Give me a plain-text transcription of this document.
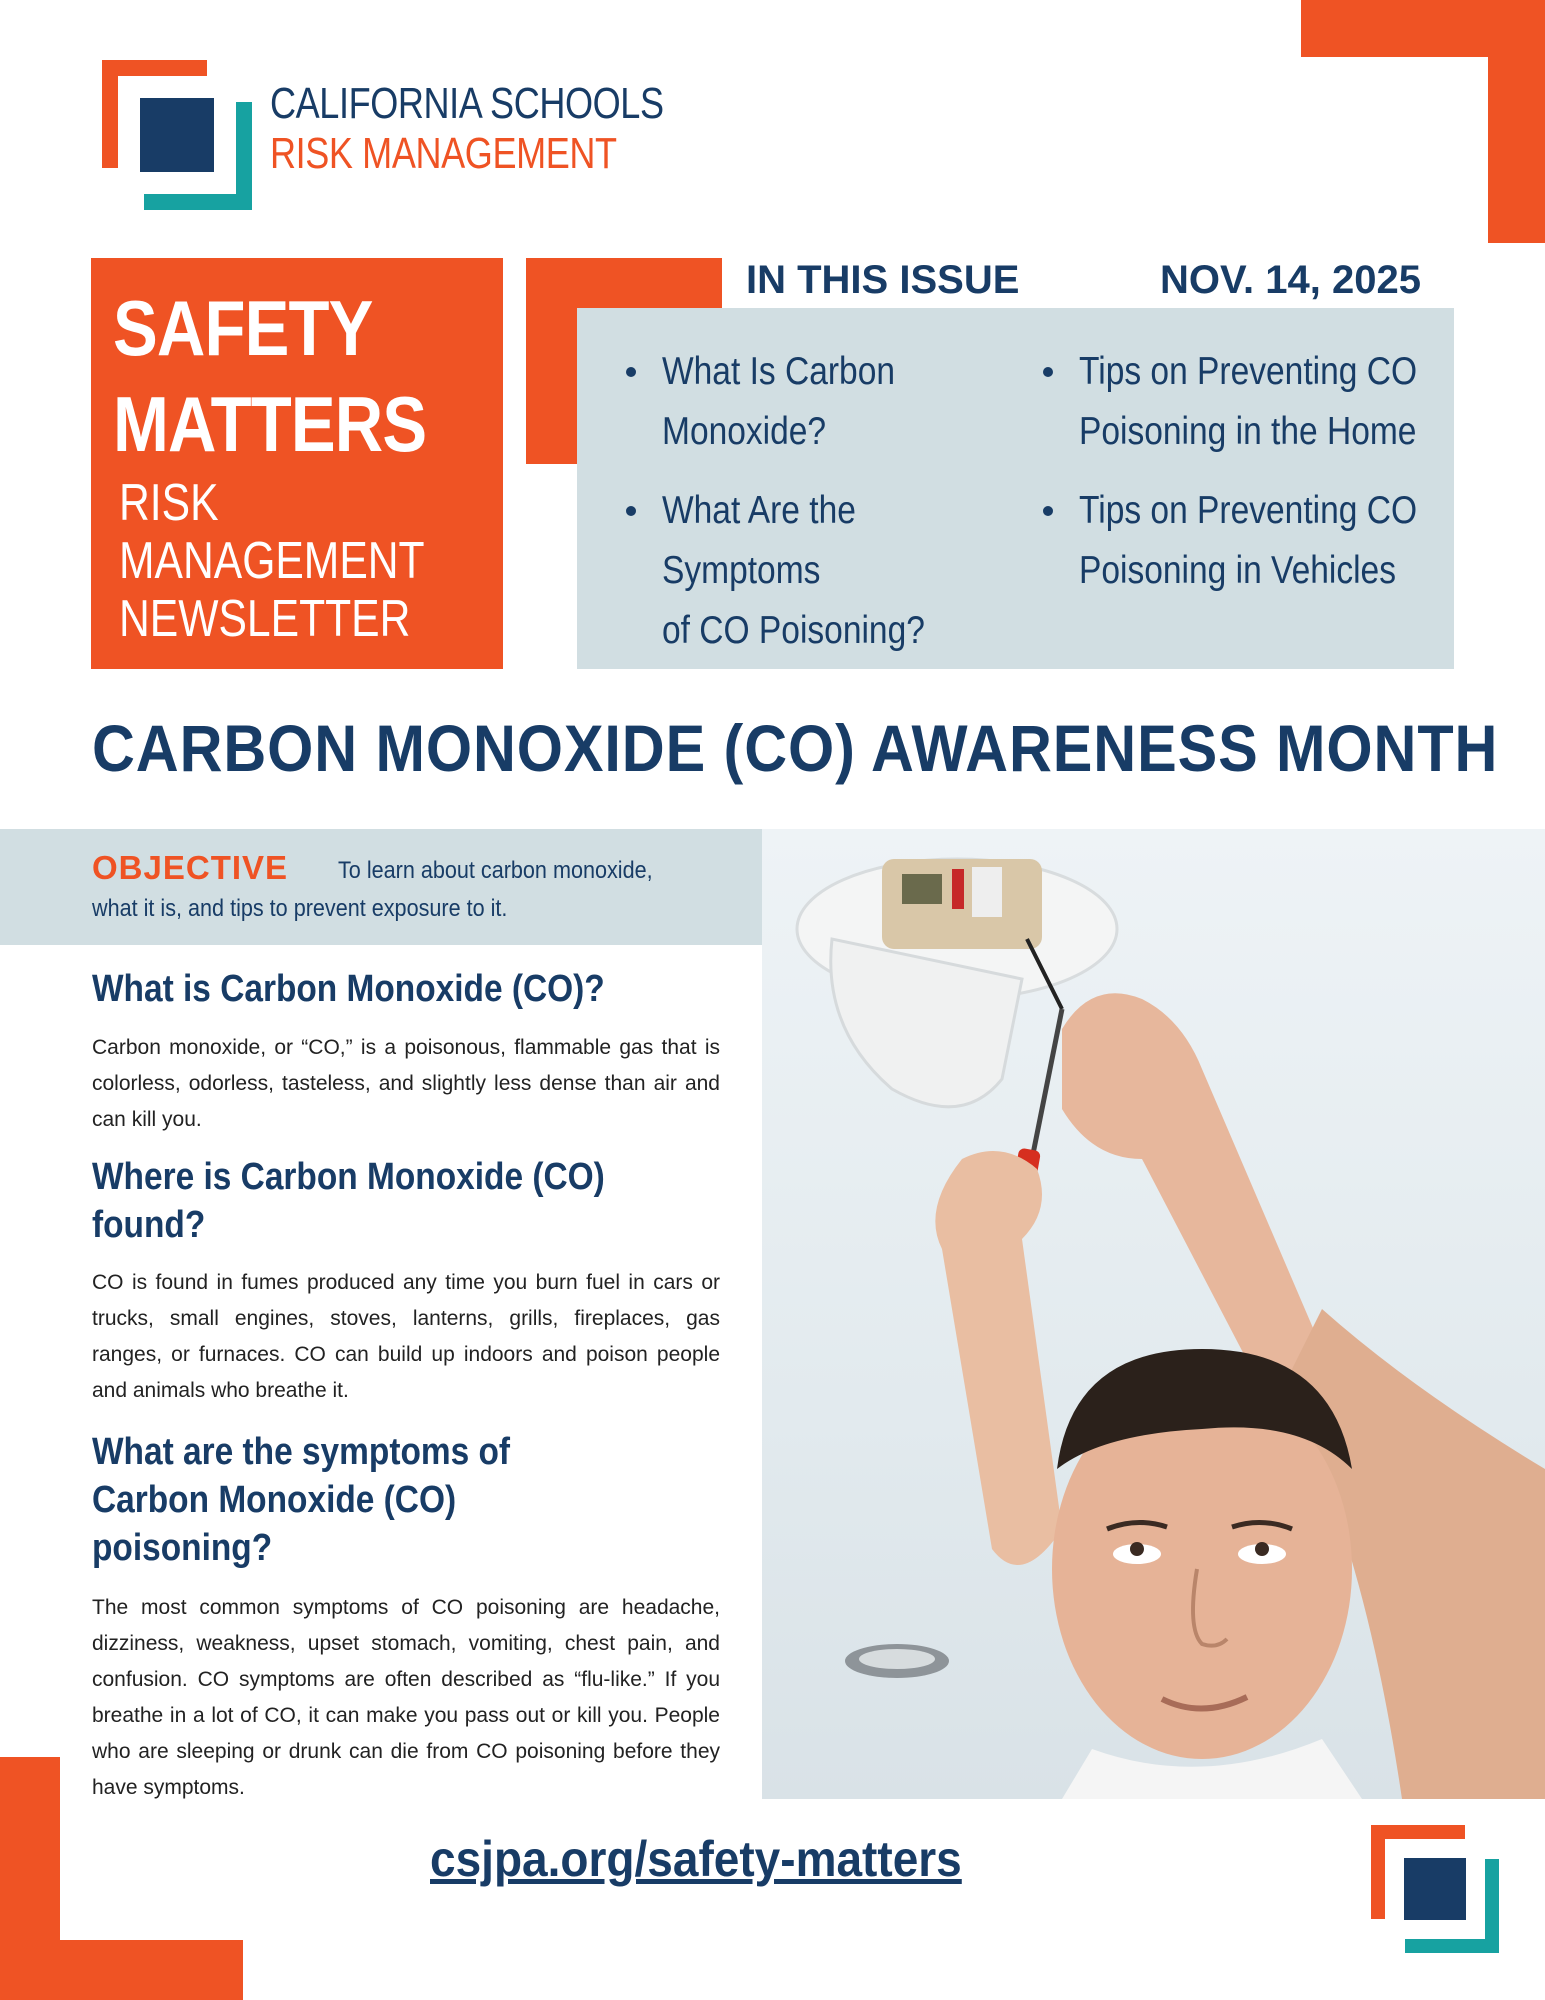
CALIFORNIA SCHOOLS
RISK MANAGEMENT
SAFETY
MATTERS
RISK
MANAGEMENT
NEWSLETTER
IN THIS ISSUE	NOV. 14, 2025
What Is Carbon
Monoxide?
What Are the Symptoms
of CO Poisoning?
Tips on Preventing CO
Poisoning in the Home
Tips on Preventing CO
Poisoning in Vehicles
CARBON MONOXIDE (CO) AWARENESS MONTH
OBJECTIVE To learn about carbon monoxide,
what it is, and tips to prevent exposure to it.
What is Carbon Monoxide (CO)?
Carbon monoxide, or “CO,” is a poisonous, flammable gas that is colorless, odorless, tasteless, and slightly less dense than air and can kill you.
Where is Carbon Monoxide (CO)
found?
CO is found in fumes produced any time you burn fuel in cars or trucks, small engines, stoves, lanterns, grills, fireplaces, gas ranges, or furnaces. CO can build up indoors and poison people and animals who breathe it.
What are the symptoms of
Carbon Monoxide (CO)
poisoning?
The most common symptoms of CO poisoning are headache, dizziness, weakness, upset stomach, vomiting, chest pain, and confusion. CO symptoms are often described as “flu-like.” If you breathe in a lot of CO, it can make you pass out or kill you. People who are sleeping or drunk can die from CO poisoning before they have symptoms.
csjpa.org/safety-matters
